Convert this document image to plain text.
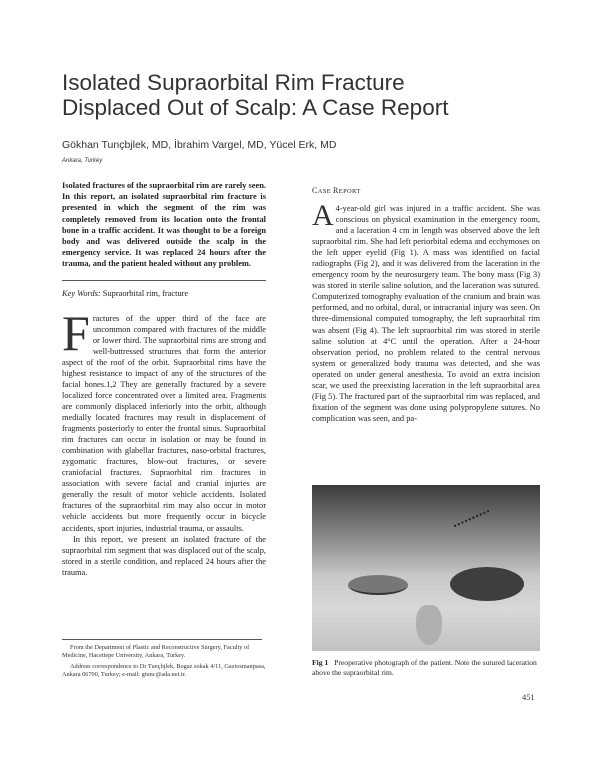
Isolated Supraorbital Rim Fracture
Displaced Out of Scalp: A Case Report
Gökhan Tunçbjlek, MD, İbrahim Vargel, MD, Yücel Erk, MD
Ankara, Turkey

Isolated fractures of the supraorbital rim are rarely seen. In this report, an isolated supraorbital rim fracture is presented in which the segment of the rim was completely removed from its location onto the frontal bone in a traffic accident. It was thought to be a foreign body and was delivered outside the scalp in the emergency service. It was replaced 24 hours after the trauma, and the patient healed without any problem.

Key Words: Supraorbital rim, fracture

Fractures of the upper third of the face are uncommon compared with fractures of the middle or lower third. The supraorbital rims are strong and well-buttressed structures that form the anterior aspect of the roof of the orbit. Supraorbital rims have the highest resistance to impact of any of the structures of the facial bones.1,2 They are generally fractured by a severe localized force concentrated over a limited area. Fragments are commonly displaced inferiorly into the orbit, although medially located fractures may result in displacement of fragments posteriorly to enter the frontal sinus. Supraorbital rim fractures can occur in isolation or may be found in combination with glabellar fractures, naso-orbital fractures, zygomatic fractures, blow-out fractures, or severe craniofacial fractures. Supraorbital rim fractures in association with severe facial and cranial injuries are generally the result of motor vehicle accidents. Isolated fractures of the supraorbital rim may also occur in motor vehicle accidents but more frequently occur in bicycle accidents, sport injuries, industrial trauma, or assaults.

In this report, we present an isolated fracture of the supraorbital rim segment that was displaced out of the scalp, stored in a sterile condition, and replaced 24 hours after the trauma.

From the Department of Plastic and Reconstructive Surgery, Faculty of Medicine, Hacettepe University, Ankara, Turkey.

Address correspondence to Dr Tunçbjlek, Bogaz sokak 4/11, Gaziosmanpasa, Ankara 06700, Turkey; e-mail: gtunc@ada.net.tr.

CASE REPORT

A 4-year-old girl was injured in a traffic accident. She was conscious on physical examination in the emergency room, and a laceration 4 cm in length was observed above the left supraorbital rim. She had left periorbital edema and ecchymoses on the left upper eyelid (Fig 1). A mass was identified on facial radiographs (Fig 2), and it was delivered from the laceration in the emergency room by the neurosurgery team. The bony mass (Fig 3) was stored in sterile saline solution, and the laceration was sutured. Computerized tomography evaluation of the cranium and brain was performed, and no orbital, dural, or intracranial injury was seen. On three-dimensional computed tomography, the left supraorbital rim was absent (Fig 4). The left supraorbital rim was stored in sterile saline solution at 4°C until the operation. After a 24-hour observation period, no problem related to the central nervous system or generalized body trauma was detected, and she was operated on under general anesthesia. To avoid an extra incision scar, we used the preexisting laceration in the left supraorbital area (Fig 5). The fractured part of the supraorbital rim was replaced, and fixation of the segment was done using polypropylene sutures. No complication was seen, and pa-

Fig 1 Preoperative photograph of the patient. Note the sutured laceration above the supraorbital rim.
451
